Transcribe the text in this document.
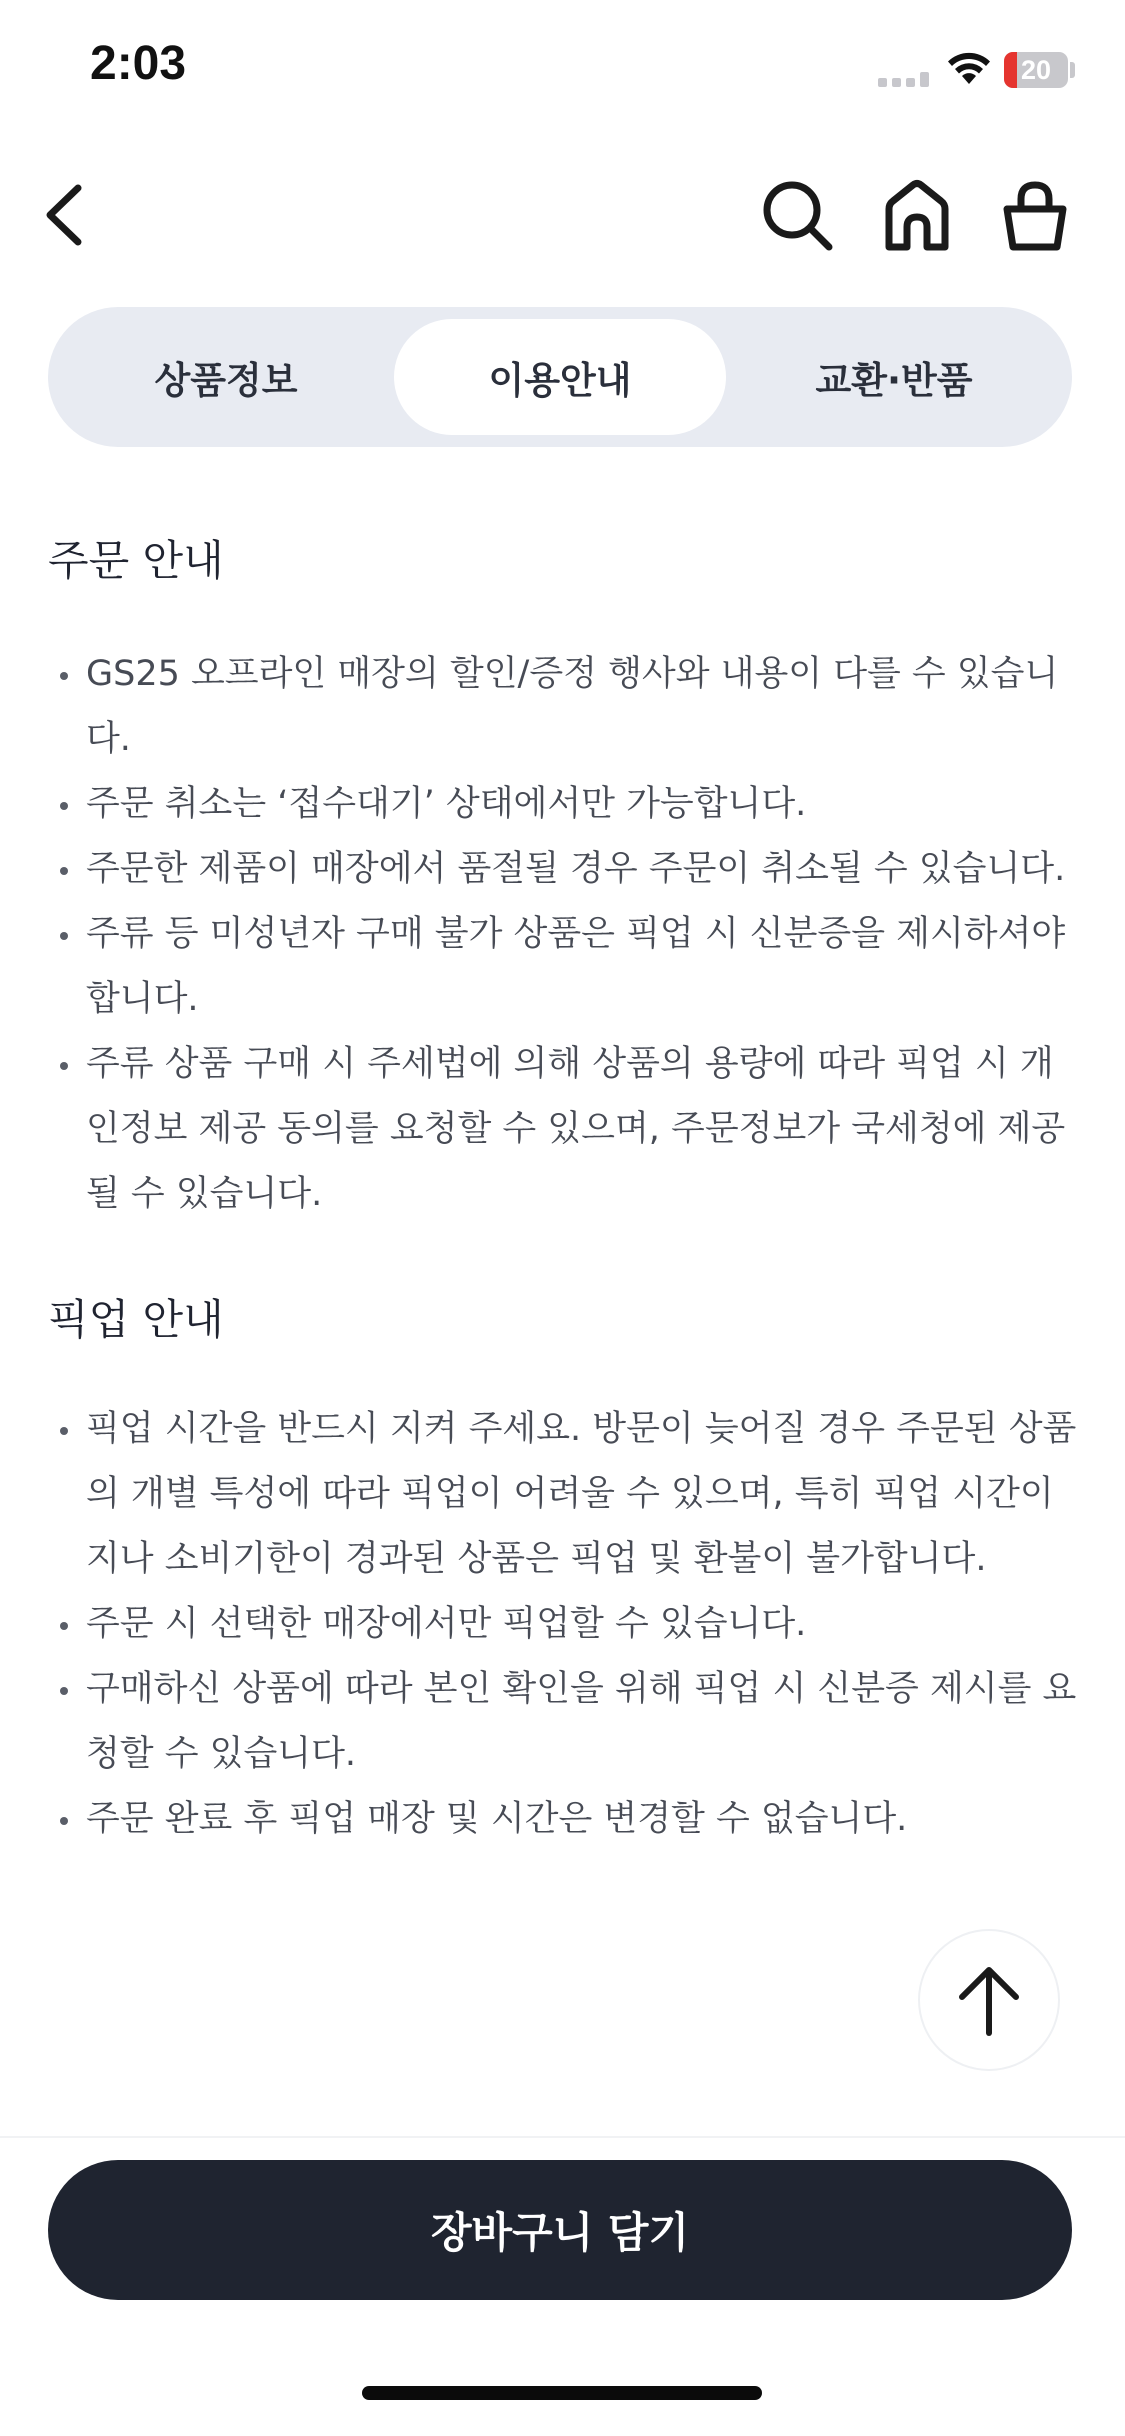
2:03	20
상품정보	이용안내	교환·반품
주문 안내
GS25 오프라인 매장의 할인/증정 행사와 내용이 다를 수 있습니다.
주문 취소는 ‘접수대기’ 상태에서만 가능합니다.
주문한 제품이 매장에서 품절될 경우 주문이 취소될 수 있습니다.
주류 등 미성년자 구매 불가 상품은 픽업 시 신분증을 제시하셔야 합니다.
주류 상품 구매 시 주세법에 의해 상품의 용량에 따라 픽업 시 개인정보 제공 동의를 요청할 수 있으며, 주문정보가 국세청에 제공될 수 있습니다.
픽업 안내
픽업 시간을 반드시 지켜 주세요. 방문이 늦어질 경우 주문된 상품의 개별 특성에 따라 픽업이 어려울 수 있으며, 특히 픽업 시간이 지나 소비기한이 경과된 상품은 픽업 및 환불이 불가합니다.
주문 시 선택한 매장에서만 픽업할 수 있습니다.
구매하신 상품에 따라 본인 확인을 위해 픽업 시 신분증 제시를 요청할 수 있습니다.
주문 완료 후 픽업 매장 및 시간은 변경할 수 없습니다.
장바구니 담기
